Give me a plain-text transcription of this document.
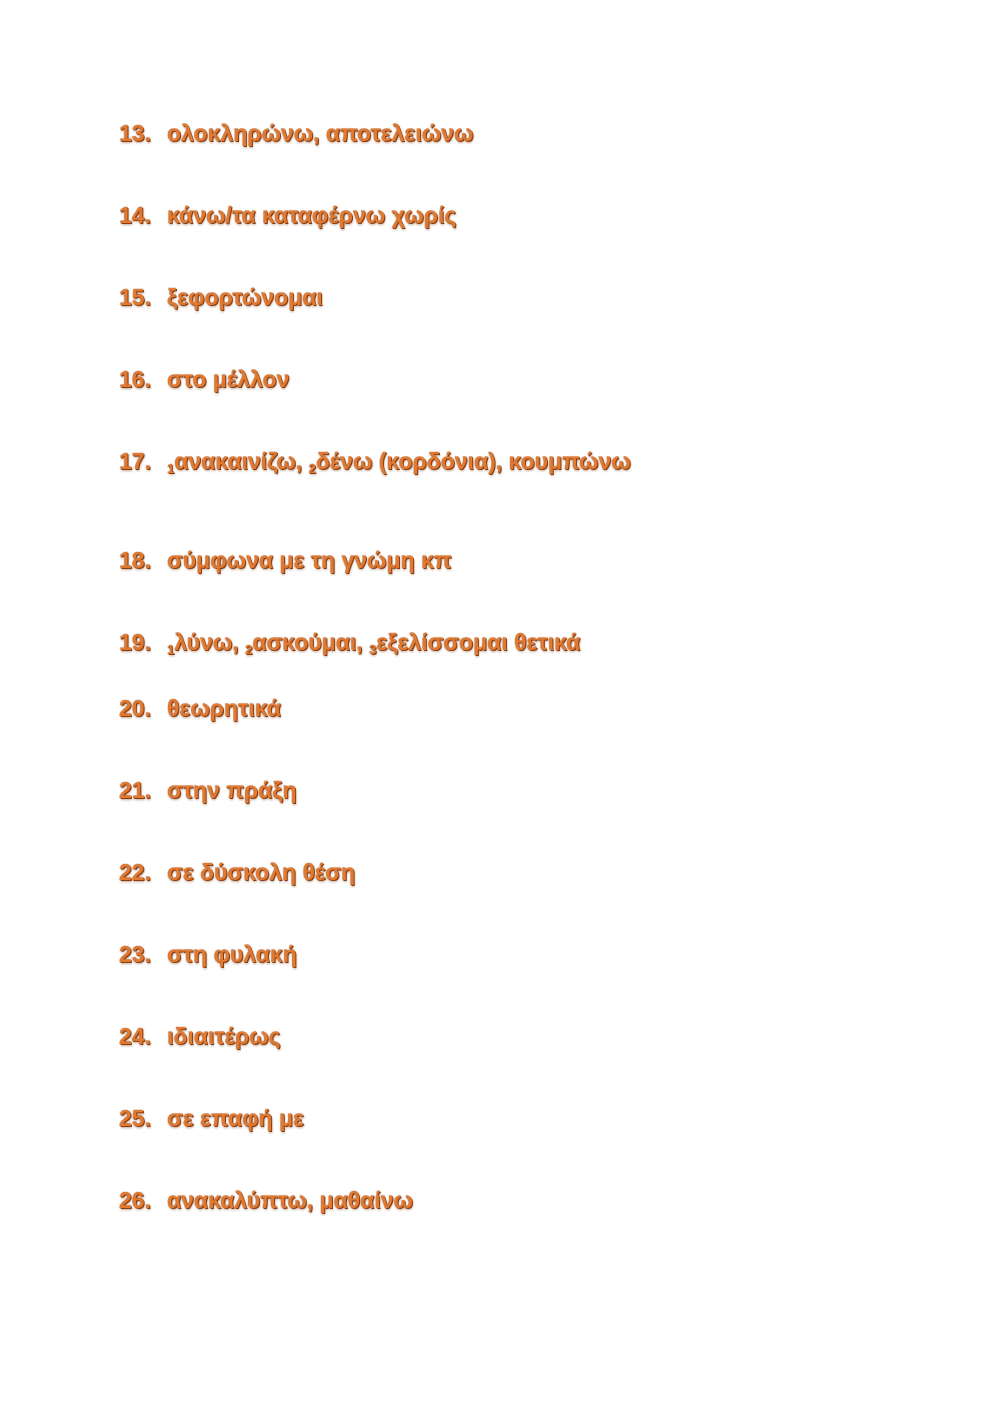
13. ολοκληρώνω, αποτελειώνω
14. κάνω/τα καταφέρνω χωρίς
15. ξεφορτώνομαι
16. στο μέλλον
17.	$_1$ανακαινίζω, $_2$δένω (κορδόνια), κουμπώνω
18. σύμφωνα με τη γνώμη κπ
19.	$_1$λύνω, $_2$ασκούμαι, $_3$εξελίσσομαι θετικά
20. θεωρητικά
21. στην πράξη
22. σε δύσκολη θέση
23. στη φυλακή
24. ιδιαιτέρως
25. σε επαφή με
26. ανακαλύπτω, μαθαίνω
